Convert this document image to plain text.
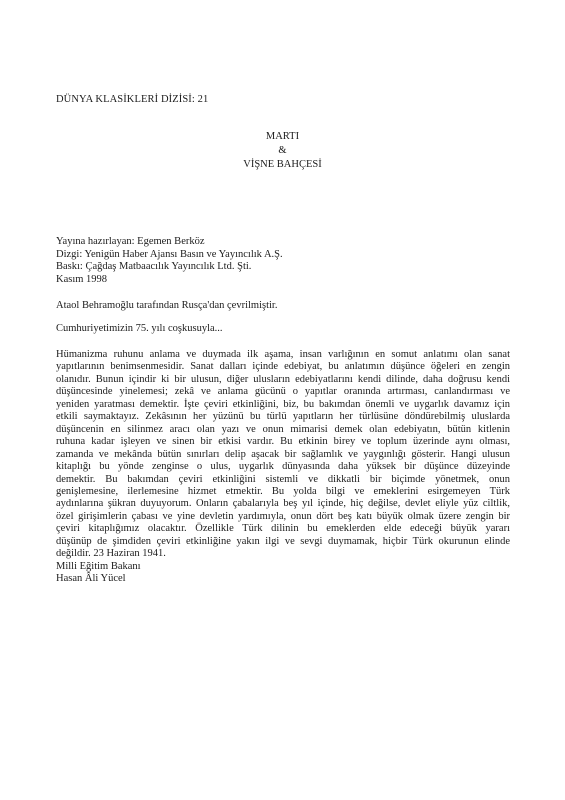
DÜNYA KLASİKLERİ DİZİSİ: 21
MARTI
&
VİŞNE BAHÇESİ
Yayına hazırlayan: Egemen Berköz
Dizgi: Yenigün Haber Ajansı Basın ve Yayıncılık A.Ş.
Baskı: Çağdaş Matbaacılık Yayıncılık Ltd. Şti.
Kasım 1998
Ataol Behramoğlu tarafından Rusça'dan çevrilmiştir.
Cumhuriyetimizin 75. yılı coşkusuyla...
Hümanizma ruhunu anlama ve duymada ilk aşama, insan varlığının en somut anlatımı olan sanat
yapıtlarının benimsenmesidir. Sanat dalları içinde edebiyat, bu anlatımın düşünce öğeleri en zengin
olanıdır. Bunun içindir ki bir ulusun, diğer ulusların edebiyatlarını kendi dilinde, daha doğrusu kendi
düşüncesinde yinelemesi; zekâ ve anlama gücünü o yapıtlar oranında artırması, canlandırması ve
yeniden yaratması demektir. İşte çeviri etkinliğini, biz, bu bakımdan önemli ve uygarlık davamız için
etkili saymaktayız. Zekâsının her yüzünü bu türlü yapıtların her türlüsüne döndürebilmiş uluslarda
düşüncenin en silinmez aracı olan yazı ve onun mimarisi demek olan edebiyatın, bütün kitlenin
ruhuna kadar işleyen ve sinen bir etkisi vardır. Bu etkinin birey ve toplum üzerinde aynı olması,
zamanda ve mekânda bütün sınırları delip aşacak bir sağlamlık ve yaygınlığı gösterir. Hangi ulusun
kitaplığı bu yönde zenginse o ulus, uygarlık dünyasında daha yüksek bir düşünce düzeyinde
demektir. Bu bakımdan çeviri etkinliğini sistemli ve dikkatli bir biçimde yönetmek, onun
genişlemesine, ilerlemesine hizmet etmektir. Bu yolda bilgi ve emeklerini esirgemeyen Türk
aydınlarına şükran duyuyorum. Onların çabalarıyla beş yıl içinde, hiç değilse, devlet eliyle yüz ciltlik,
özel girişimlerin çabası ve yine devletin yardımıyla, onun dört beş katı büyük olmak üzere zengin bir
çeviri kitaplığımız olacaktır. Özellikle Türk dilinin bu emeklerden elde edeceği büyük yararı
düşünüp de şimdiden çeviri etkinliğine yakın ilgi ve sevgi duymamak, hiçbir Türk okurunun elinde
değildir. 23 Haziran 1941.
Milli Eğitim Bakanı
Hasan Âli Yücel
